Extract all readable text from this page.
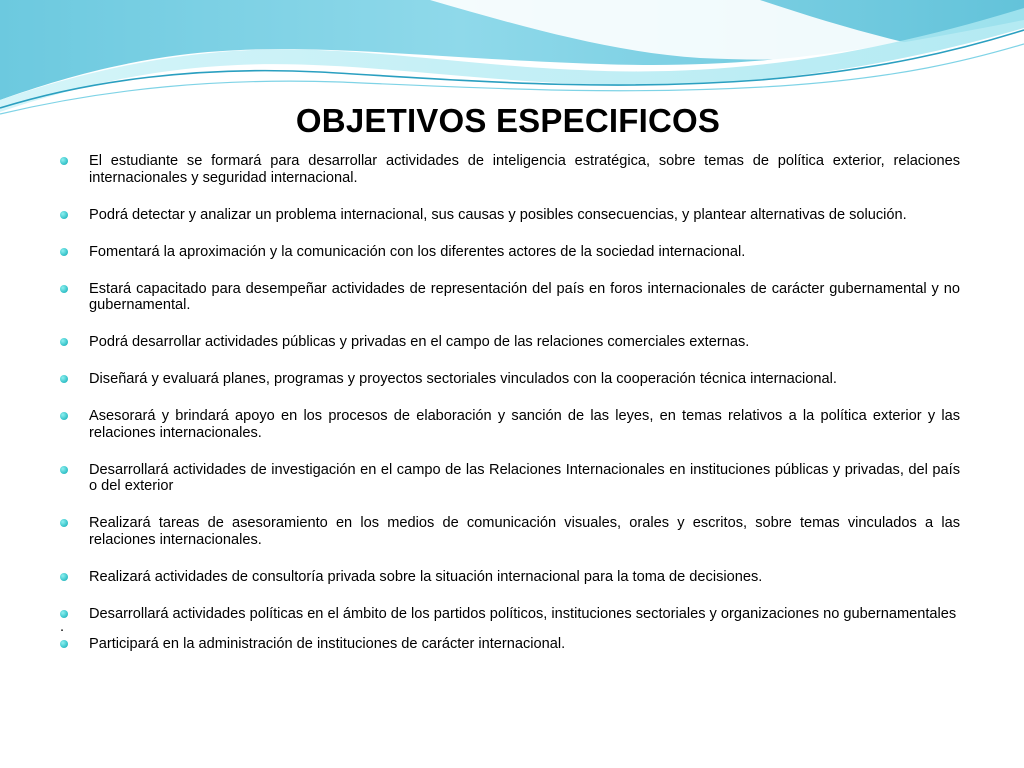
OBJETIVOS ESPECIFICOS
El estudiante se formará para desarrollar actividades de inteligencia estratégica, sobre temas de política exterior, relaciones internacionales y seguridad internacional.
Podrá detectar y analizar un problema internacional, sus causas y posibles consecuencias, y plantear alternativas de solución.
Fomentará la aproximación y la comunicación con los diferentes actores de la sociedad internacional.
Estará capacitado para desempeñar actividades de representación del país en foros internacionales de carácter gubernamental y no gubernamental.
Podrá desarrollar actividades públicas y privadas en el campo de las relaciones comerciales externas.
Diseñará y evaluará planes, programas y proyectos sectoriales vinculados con la cooperación técnica internacional.
Asesorará y brindará apoyo en los procesos de elaboración y sanción de las leyes, en temas relativos a la política exterior y las relaciones internacionales.
Desarrollará actividades de investigación en el campo de las Relaciones Internacionales en instituciones públicas y privadas, del país o del exterior
Realizará tareas de asesoramiento en los medios de comunicación visuales, orales y escritos, sobre temas vinculados a las relaciones internacionales.
Realizará actividades de consultoría privada sobre la situación internacional para la toma de decisiones.
Desarrollará actividades políticas en el ámbito de los partidos políticos, instituciones sectoriales y organizaciones no gubernamentales
.
Participará en la administración de instituciones de carácter internacional.
